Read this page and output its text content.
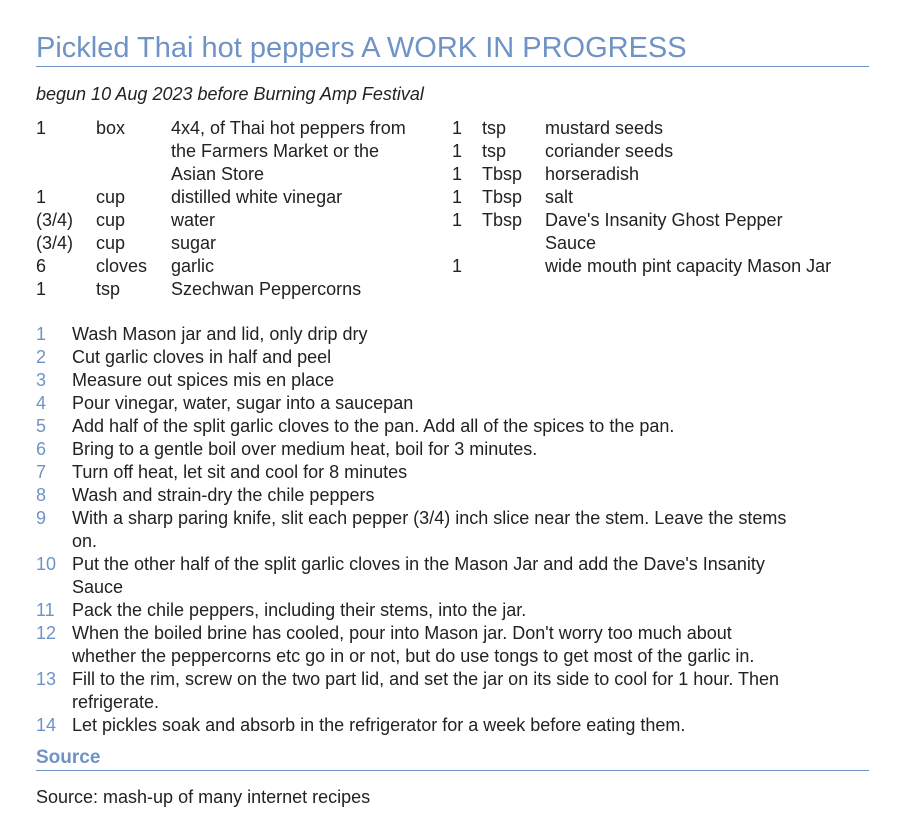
Pickled Thai hot peppers A WORK IN PROGRESS
begun 10 Aug 2023 before Burning Amp Festival
1	box	4x4, of Thai hot peppers from
the Farmers Market or the
Asian Store
1	cup	distilled white vinegar
(3/4)	cup	water
(3/4)	cup	sugar
6	cloves	garlic
1	tsp	Szechwan Peppercorns
1	tsp	mustard seeds
1	tsp	coriander seeds
1	Tbsp	horseradish
1	Tbsp	salt
1	Tbsp	Dave's Insanity Ghost Pepper
Sauce
1	wide mouth pint capacity Mason Jar
1	Wash Mason jar and lid, only drip dry
2	Cut garlic cloves in half and peel
3	Measure out spices mis en place
4	Pour vinegar, water, sugar into a saucepan
5	Add half of the split garlic cloves to the pan. Add all of the spices to the pan.
6	Bring to a gentle boil over medium heat, boil for 3 minutes.
7	Turn off heat, let sit and cool for 8 minutes
8	Wash and strain-dry the chile peppers
9	With a sharp paring knife, slit each pepper (3/4) inch slice near the stem. Leave the stems
on.
10 Put the other half of the split garlic cloves in the Mason Jar and add the Dave's Insanity
Sauce
11 Pack the chile peppers, including their stems, into the jar.
12 When the boiled brine has cooled, pour into Mason jar. Don't worry too much about
whether the peppercorns etc go in or not, but do use tongs to get most of the garlic in.
13 Fill to the rim, screw on the two part lid, and set the jar on its side to cool for 1 hour. Then
refrigerate.
14 Let pickles soak and absorb in the refrigerator for a week before eating them.
Source
Source: mash-up of many internet recipes
